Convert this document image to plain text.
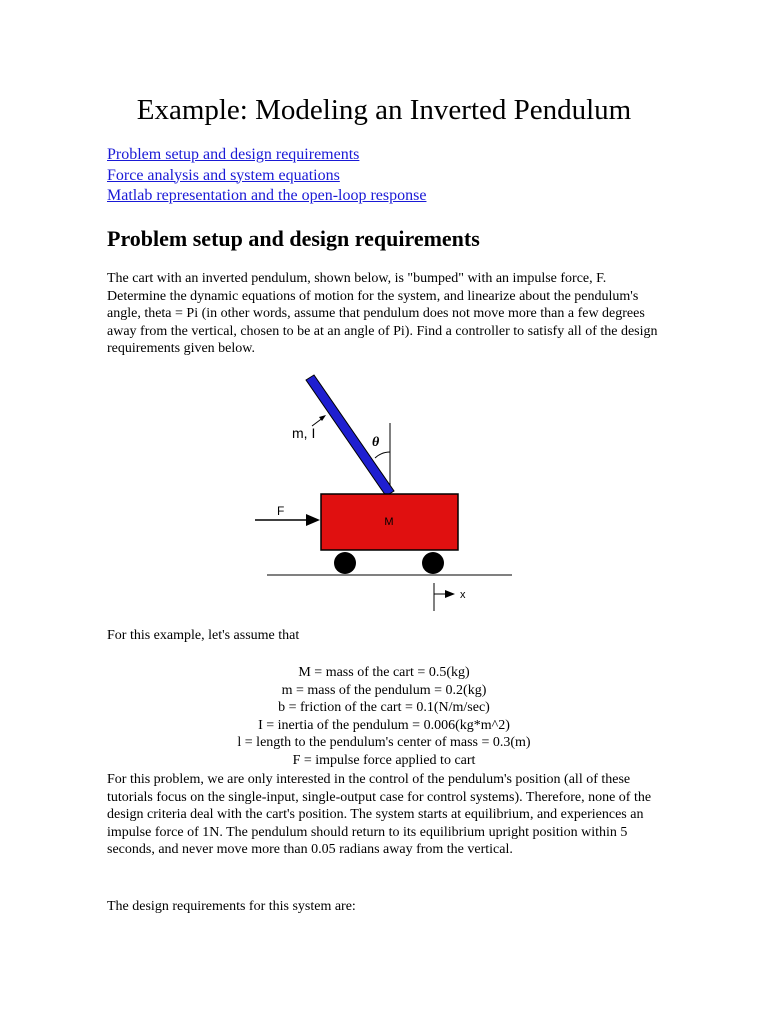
Example: Modeling an Inverted Pendulum
Problem setup and design requirements
Force analysis and system equations
Matlab representation and the open-loop response
Problem setup and design requirements

The cart with an inverted pendulum, shown below, is "bumped" with an impulse force, F. Determine the dynamic equations of motion for the system, and linearize about the pendulum's angle, theta = Pi (in other words, assume that pendulum does not move more than a few degrees away from the vertical, chosen to be at an angle of Pi). Find a controller to satisfy all of the design requirements given below.

m, I
θ
M
F
x

For this example, let's assume that

M = mass of the cart = 0.5(kg)
m = mass of the pendulum = 0.2(kg)
b = friction of the cart = 0.1(N/m/sec)
I = inertia of the pendulum = 0.006(kg*m^2)
l = length to the pendulum's center of mass = 0.3(m)
F = impulse force applied to cart

For this problem, we are only interested in the control of the pendulum's position (all of these tutorials focus on the single-input, single-output case for control systems). Therefore, none of the design criteria deal with the cart's position. The system starts at equilibrium, and experiences an impulse force of 1N. The pendulum should return to its equilibrium upright position within 5 seconds, and never move more than 0.05 radians away from the vertical.

The design requirements for this system are:
